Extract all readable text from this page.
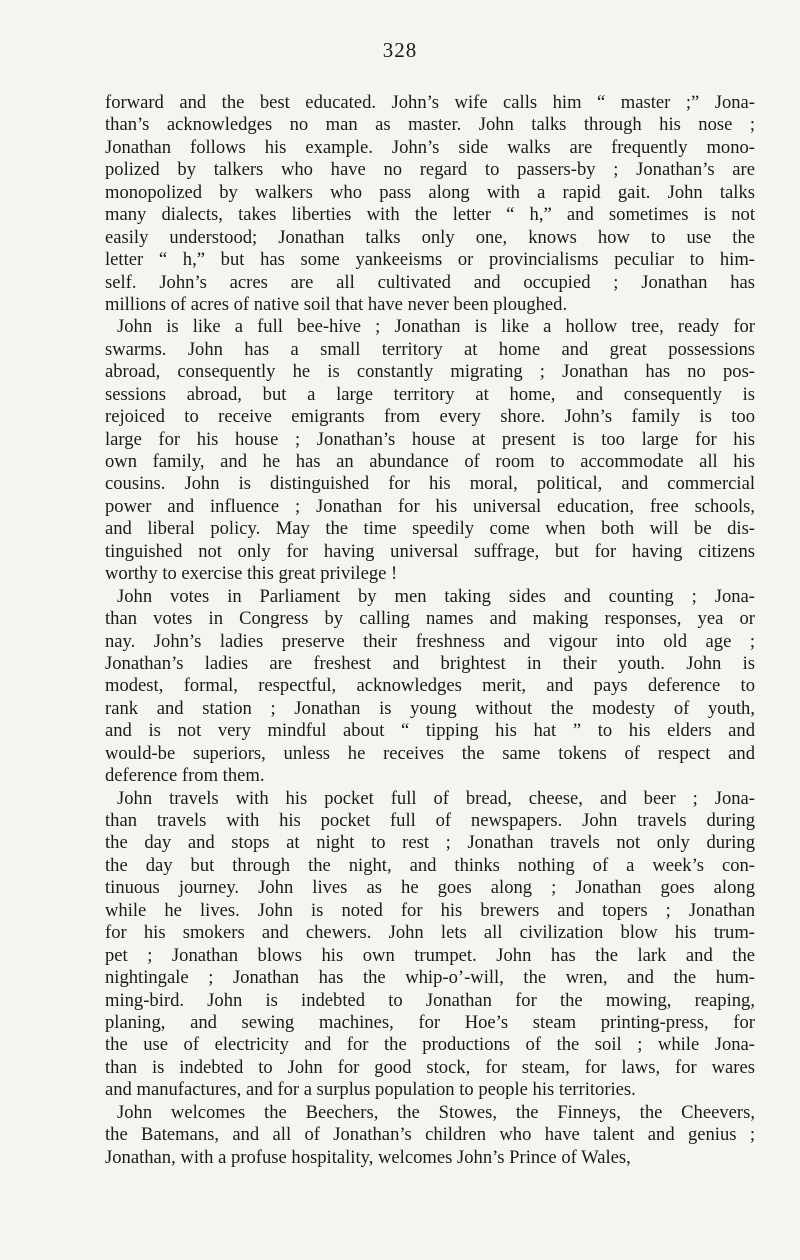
328
forward and the best educated. John’s wife calls him “ master ;” Jona-
than’s acknowledges no man as master. John talks through his nose ;
Jonathan follows his example. John’s side walks are frequently mono-
polized by talkers who have no regard to passers-by ; Jonathan’s are
monopolized by walkers who pass along with a rapid gait. John talks
many dialects, takes liberties with the letter “ h,” and sometimes is not
easily understood; Jonathan talks only one, knows how to use the
letter “ h,” but has some yankeeisms or provincialisms peculiar to him-
self. John’s acres are all cultivated and occupied ; Jonathan has
millions of acres of native soil that have never been ploughed.
John is like a full bee-hive ; Jonathan is like a hollow tree, ready for
swarms. John has a small territory at home and great possessions
abroad, consequently he is constantly migrating ; Jonathan has no pos-
sessions abroad, but a large territory at home, and consequently is
rejoiced to receive emigrants from every shore. John’s family is too
large for his house ; Jonathan’s house at present is too large for his
own family, and he has an abundance of room to accommodate all his
cousins. John is distinguished for his moral, political, and commercial
power and influence ; Jonathan for his universal education, free schools,
and liberal policy. May the time speedily come when both will be dis-
tinguished not only for having universal suffrage, but for having citizens
worthy to exercise this great privilege !
John votes in Parliament by men taking sides and counting ; Jona-
than votes in Congress by calling names and making responses, yea or
nay. John’s ladies preserve their freshness and vigour into old age ;
Jonathan’s ladies are freshest and brightest in their youth. John is
modest, formal, respectful, acknowledges merit, and pays deference to
rank and station ; Jonathan is young without the modesty of youth,
and is not very mindful about “ tipping his hat ” to his elders and
would-be superiors, unless he receives the same tokens of respect and
deference from them.
John travels with his pocket full of bread, cheese, and beer ; Jona-
than travels with his pocket full of newspapers. John travels during
the day and stops at night to rest ; Jonathan travels not only during
the day but through the night, and thinks nothing of a week’s con-
tinuous journey. John lives as he goes along ; Jonathan goes along
while he lives. John is noted for his brewers and topers ; Jonathan
for his smokers and chewers. John lets all civilization blow his trum-
pet ; Jonathan blows his own trumpet. John has the lark and the
nightingale ; Jonathan has the whip-o’-will, the wren, and the hum-
ming-bird. John is indebted to Jonathan for the mowing, reaping,
planing, and sewing machines, for Hoe’s steam printing-press, for
the use of electricity and for the productions of the soil ; while Jona-
than is indebted to John for good stock, for steam, for laws, for wares
and manufactures, and for a surplus population to people his territories.
John welcomes the Beechers, the Stowes, the Finneys, the Cheevers,
the Batemans, and all of Jonathan’s children who have talent and genius ;
Jonathan, with a profuse hospitality, welcomes John’s Prince of Wales,
